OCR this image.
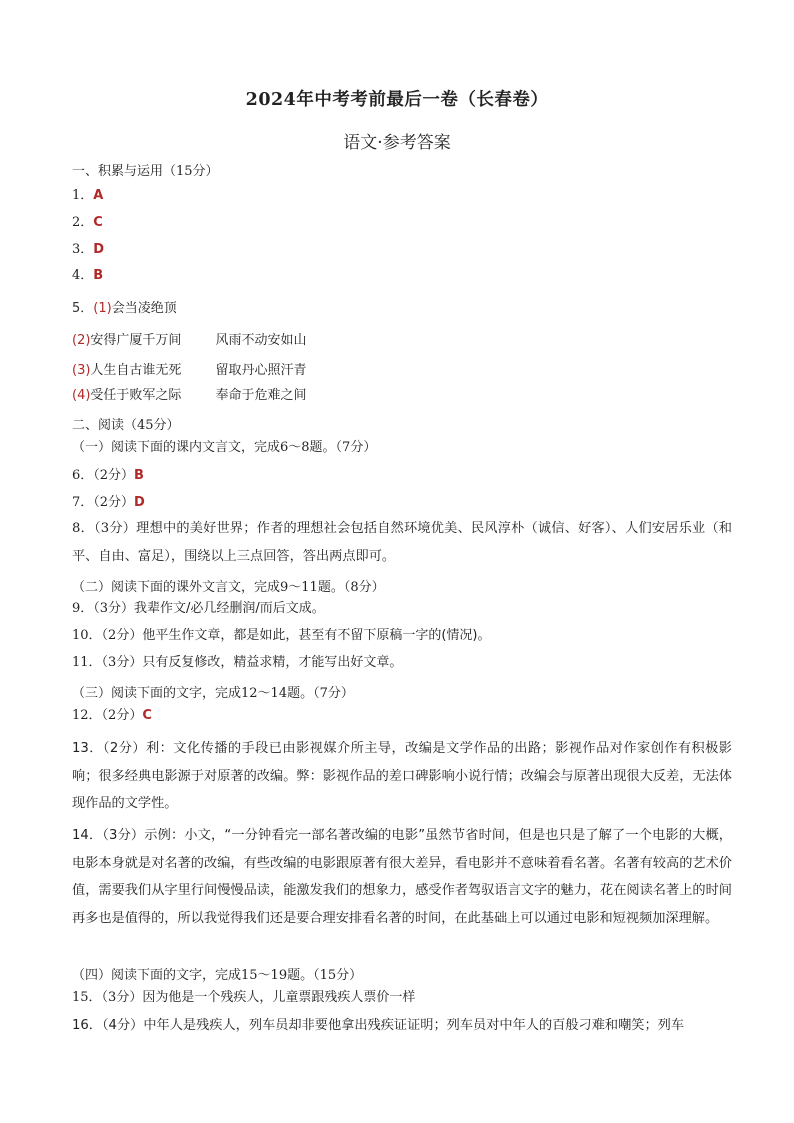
2024年中考考前最后一卷（长春卷）
语文·参考答案
一、积累与运用（15分）
1．A
2．C
3．D
4．B
5．(1)会当凌绝顶
(2)安得广厦千万间	风雨不动安如山
(3)人生自古谁无死	留取丹心照汗青
(4)受任于败军之际	奉命于危难之间
二、阅读（45分）
（一）阅读下面的课内文言文，完成6～8题。（7分）
6．（2分）B
7．（2分）D
8．（3分）理想中的美好世界；作者的理想社会包括自然环境优美、民风淳朴（诚信、好客）、人们安居乐业（和平、自由、富足），围绕以上三点回答，答出两点即可。
（二）阅读下面的课外文言文，完成9～11题。（8分）
9．（3分）我辈作文/必几经删润/而后文成。
10．（2分）他平生作文章，都是如此，甚至有不留下原稿一字的(情况)。
11．（3分）只有反复修改，精益求精，才能写出好文章。
（三）阅读下面的文字，完成12～14题。（7分）
12．（2分）C
13．（2分）利：文化传播的手段已由影视媒介所主导，改编是文学作品的出路；影视作品对作家创作有积极影响；很多经典电影源于对原著的改编。弊：影视作品的差口碑影响小说行情；改编会与原著出现很大反差，无法体现作品的文学性。
14．（3分）示例：小文，“一分钟看完一部名著改编的电影”虽然节省时间，但是也只是了解了一个电影的大概，电影本身就是对名著的改编，有些改编的电影跟原著有很大差异，看电影并不意味着看名著。名著有较高的艺术价值，需要我们从字里行间慢慢品读，能激发我们的想象力，感受作者驾驭语言文字的魅力，花在阅读名著上的时间再多也是值得的，所以我觉得我们还是要合理安排看名著的时间，在此基础上可以通过电影和短视频加深理解。
（四）阅读下面的文字，完成15～19题。（15分）
15．（3分）因为他是一个残疾人，儿童票跟残疾人票价一样
16．（4分）中年人是残疾人，列车员却非要他拿出残疾证证明；列车员对中年人的百般刁难和嘲笑；列车
